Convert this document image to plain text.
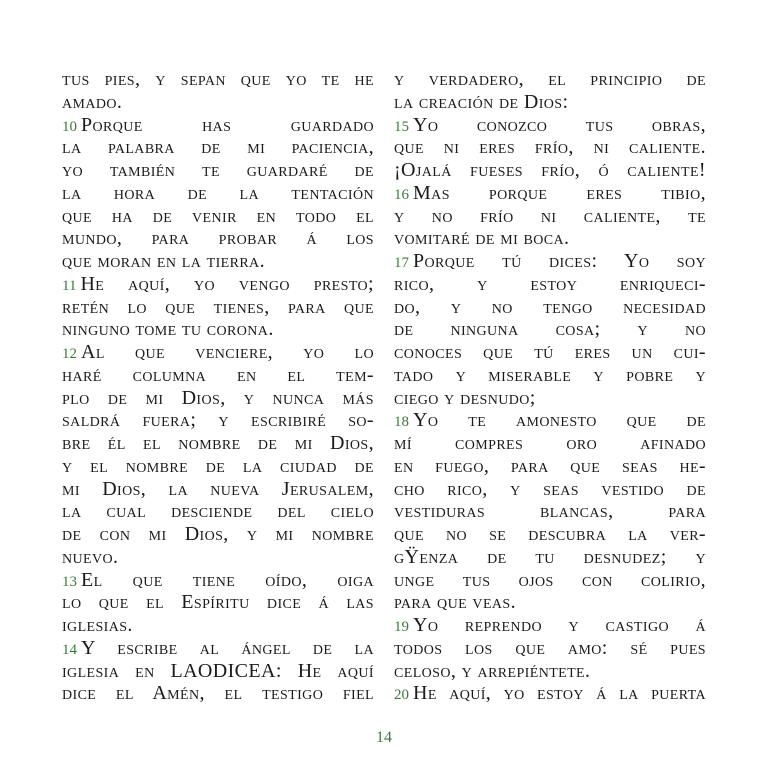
tus pies, y sepan que yo te he
amado.
10 Porque has guardado
la palabra de mi paciencia,
yo también te guardaré de
la hora de la tentación
que ha de venir en todo el
mundo, para probar á los
que moran en la tierra.
11 He aquí, yo vengo presto;
retén lo que tienes, para que
ninguno tome tu corona.
12 Al que venciere, yo lo
haré columna en el tem-
plo de mi Dios, y nunca más
saldrá fuera; y escribiré so-
bre él el nombre de mi Dios,
y el nombre de la ciudad de
mi Dios, la nueva Jerusalem,
la cual desciende del cielo
de con mi Dios, y mi nombre
nuevo.
13 El que tiene oído, oiga
lo que el Espíritu dice á las
iglesias.
14 Y escribe al ángel de la
iglesia en LAODICEA: He aquí
dice el Amén, el testigo fiel
y verdadero, el principio de
la creación de Dios:
15 Yo conozco tus obras,
que ni eres frío, ni caliente.
¡Ojalá fueses frío, ó caliente!
16 Mas porque eres tibio,
y no frío ni caliente, te
vomitaré de mi boca.
17 Porque tú dices: Yo soy
rico, y estoy enriqueci-
do, y no tengo necesidad
de ninguna cosa; y no
conoces que tú eres un cui-
tado y miserable y pobre y
ciego y desnudo;
18 Yo te amonesto que de
mí compres oro afinado
en fuego, para que seas he-
cho rico, y seas vestido de
vestiduras blancas, para
que no se descubra la ver-
gŸenza de tu desnudez; y
unge tus ojos con colirio,
para que veas.
19 Yo reprendo y castigo á
todos los que amo: sé pues
celoso, y arrepiéntete.
20 He aquí, yo estoy á la puerta
14
